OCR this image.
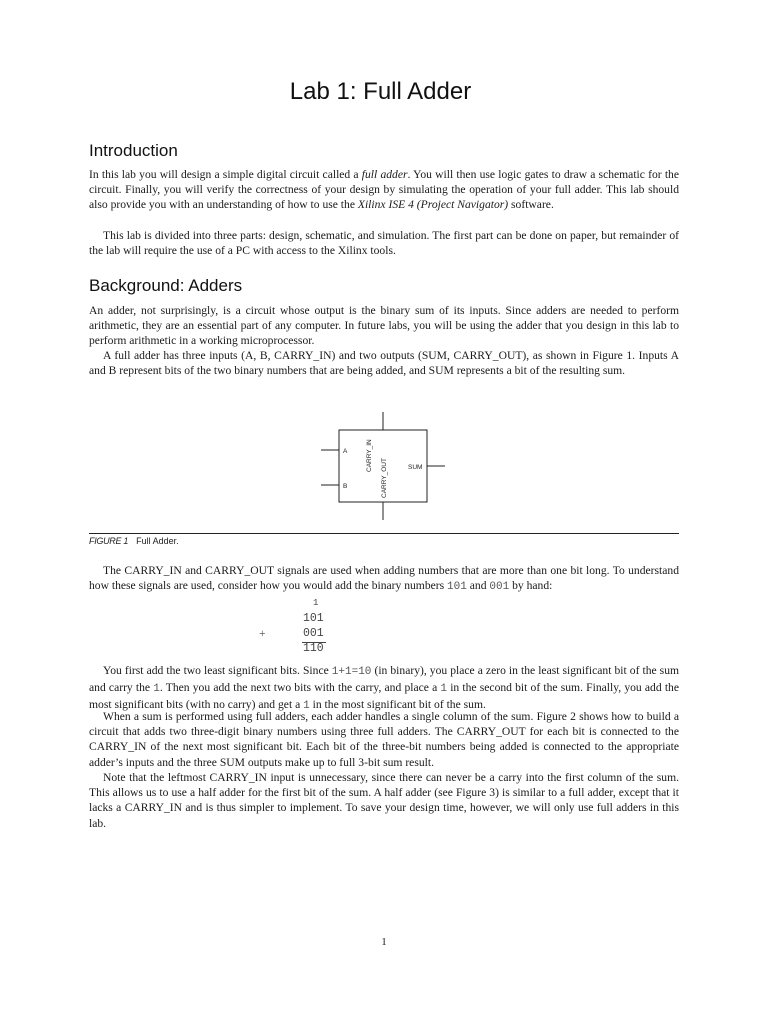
Lab 1: Full Adder
Introduction

In this lab you will design a simple digital circuit called a full adder. You will then use logic gates to draw a schematic for the circuit. Finally, you will verify the correctness of your design by simulating the operation of your full adder. This lab should also provide you with an understanding of how to use the Xilinx ISE 4 (Project Navigator) software.

This lab is divided into three parts: design, schematic, and simulation. The first part can be done on paper, but remainder of the lab will require the use of a PC with access to the Xilinx tools.

Background: Adders

An adder, not surprisingly, is a circuit whose output is the binary sum of its inputs. Since adders are needed to perform arithmetic, they are an essential part of any computer. In future labs, you will be using the adder that you design in this lab to perform arithmetic in a working microprocessor.

A full adder has three inputs (A, B, CARRY_IN) and two outputs (SUM, CARRY_OUT), as shown in Figure 1. Inputs A and B represent bits of the two binary numbers that are being added, and SUM represents a bit of the resulting sum.

A
B
SUM
CARRY_IN
CARRY_OUT
FIGURE 1 Full Adder.

The CARRY_IN and CARRY_OUT signals are used when adding numbers that are more than one bit long. To understand how these signals are used, consider how you would add the binary numbers 101 and 001 by hand:

1
101
+	001
110

You first add the two least significant bits. Since 1+1=10 (in binary), you place a zero in the least significant bit of the sum and carry the 1. Then you add the next two bits with the carry, and place a 1 in the second bit of the sum. Finally, you add the most significant bits (with no carry) and get a 1 in the most significant bit of the sum.

When a sum is performed using full adders, each adder handles a single column of the sum. Figure 2 shows how to build a circuit that adds two three-digit binary numbers using three full adders. The CARRY_OUT for each bit is connected to the CARRY_IN of the next most significant bit. Each bit of the three-bit numbers being added is connected to the appropriate adder’s inputs and the three SUM outputs make up to full 3-bit sum result.

Note that the leftmost CARRY_IN input is unnecessary, since there can never be a carry into the first column of the sum. This allows us to use a half adder for the first bit of the sum. A half adder (see Figure 3) is similar to a full adder, except that it lacks a CARRY_IN and is thus simpler to implement. To save your design time, however, we will only use full adders in this lab.

1
